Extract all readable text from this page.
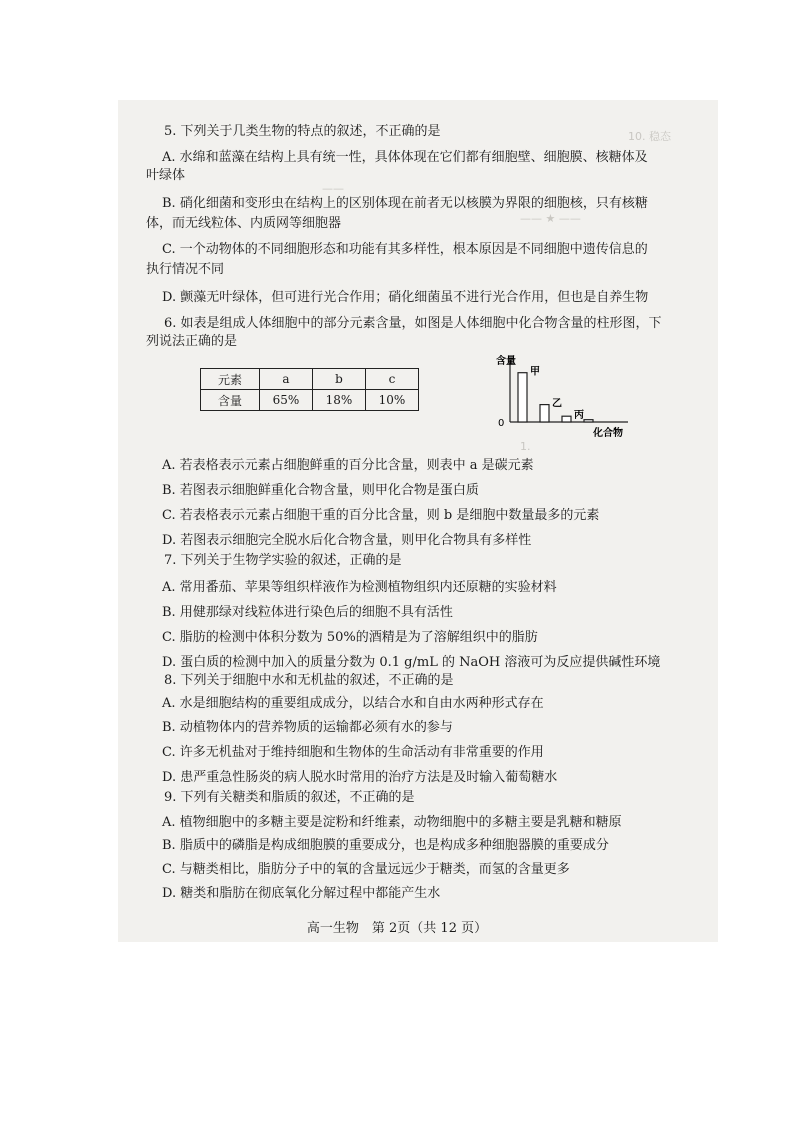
10. 稳态
——
—— ★ ——
1.
5. 下列关于几类生物的特点的叙述，不正确的是
A. 水绵和蓝藻在结构上具有统一性，具体体现在它们都有细胞壁、细胞膜、核糖体及
叶绿体
B. 硝化细菌和变形虫在结构上的区别体现在前者无以核膜为界限的细胞核，只有核糖
体，而无线粒体、内质网等细胞器
C. 一个动物体的不同细胞形态和功能有其多样性，根本原因是不同细胞中遗传信息的
执行情况不同
D. 颤藻无叶绿体，但可进行光合作用；硝化细菌虽不进行光合作用，但也是自养生物
6. 如表是组成人体细胞中的部分元素含量，如图是人体细胞中化合物含量的柱形图，下
列说法正确的是
A. 若表格表示元素占细胞鲜重的百分比含量，则表中 a 是碳元素
B. 若图表示细胞鲜重化合物含量，则甲化合物是蛋白质
C. 若表格表示元素占细胞干重的百分比含量，则 b 是细胞中数量最多的元素
D. 若图表示细胞完全脱水后化合物含量，则甲化合物具有多样性
7. 下列关于生物学实验的叙述，正确的是
A. 常用番茄、苹果等组织样液作为检测植物组织内还原糖的实验材料
B. 用健那绿对线粒体进行染色后的细胞不具有活性
C. 脂肪的检测中体积分数为 50%的酒精是为了溶解组织中的脂肪
D. 蛋白质的检测中加入的质量分数为 0.1 g/mL 的 NaOH 溶液可为反应提供碱性环境
8. 下列关于细胞中水和无机盐的叙述，不正确的是
A. 水是细胞结构的重要组成成分，以结合水和自由水两种形式存在
B. 动植物体内的营养物质的运输都必须有水的参与
C. 许多无机盐对于维持细胞和生物体的生命活动有非常重要的作用
D. 患严重急性肠炎的病人脱水时常用的治疗方法是及时输入葡萄糖水
9. 下列有关糖类和脂质的叙述，不正确的是
A. 植物细胞中的多糖主要是淀粉和纤维素，动物细胞中的多糖主要是乳糖和糖原
B. 脂质中的磷脂是构成细胞膜的重要成分，也是构成多种细胞器膜的重要成分
C. 与糖类相比，脂肪分子中的氧的含量远远少于糖类，而氢的含量更多
D. 糖类和脂肪在彻底氧化分解过程中都能产生水
元素	a	b	c
含量	65%	18%	10%
含量
0
化合物
甲
乙
丙
高一生物　第 2页（共 12 页）
